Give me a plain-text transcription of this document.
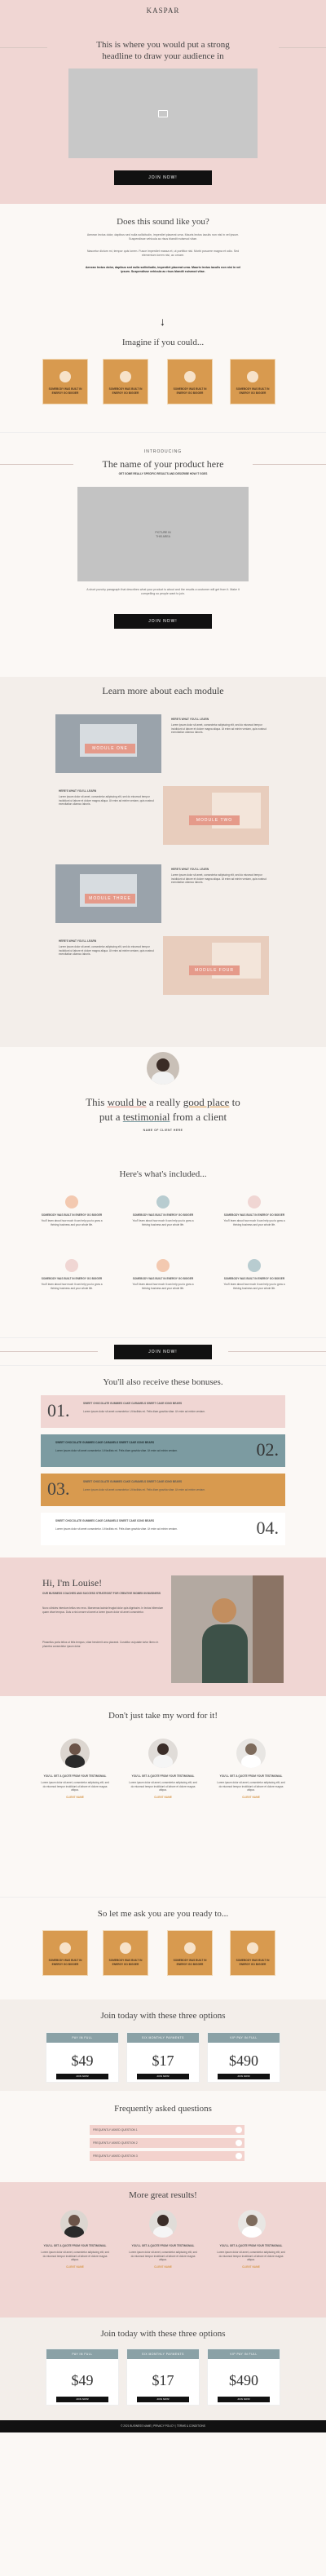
KASPAR
This is where you would put a strong headline to draw your audience in
JOIN NOW!
Does this sound like you?
Aenean lectus dolor, dapibus sed nulla sollicitudin, imperdiet placerat urna. Mauris lectus iaculis non nisi in vel ipsum. Suspendisse vehicula ac risus blandit euismod vitae.
Nascetur dictum mi, tempor quis lorem. Fusce imperdiet massa et, ut porttitor nisl. Morbi posuere magna et odio. Sed elementum lorem nisi, ac ornare.
Aenean lectus dolor, dapibus sed nulla sollicitudin, imperdiet placerat urna. Mauris lectus iaculis non nisi in vel ipsum. Suspendisse vehicula ac risus blandit euismod vitae.
↓
Imagine if you could...
SOMEBODY WAS BUILT IN ENERGY GO BIGGER
SOMEBODY WAS BUILT IN ENERGY GO BIGGER
SOMEBODY WAS BUILT IN ENERGY GO BIGGER
SOMEBODY WAS BUILT IN ENERGY GO BIGGER
INTRODUCING
The name of your product here
GET SOME REALLY SPECIFIC RESULTS AND DESCRIBE HOW IT GOES
PICTURE IN
THIS AREA
A short punchy paragraph that describes what your product is about and the results a customer will get from it. Make it compelling so people want to join.
JOIN NOW!
Learn more about each module
MODULE ONE
HERE'S WHAT YOU'LL LEARN
Lorem ipsum dolor sit amet, consectetur adipiscing elit, sed do eiusmod tempor incididunt ut labore et dolore magna aliqua. Ut enim ad minim veniam, quis nostrud exercitation ullamco laboris.
HERE'S WHAT YOU'LL LEARN
Lorem ipsum dolor sit amet, consectetur adipiscing elit, sed do eiusmod tempor incididunt ut labore et dolore magna aliqua. Ut enim ad minim veniam, quis nostrud exercitation ullamco laboris.
MODULE TWO
MODULE THREE
HERE'S WHAT YOU'LL LEARN
Lorem ipsum dolor sit amet, consectetur adipiscing elit, sed do eiusmod tempor incididunt ut labore et dolore magna aliqua. Ut enim ad minim veniam, quis nostrud exercitation ullamco laboris.
HERE'S WHAT YOU'LL LEARN
Lorem ipsum dolor sit amet, consectetur adipiscing elit, sed do eiusmod tempor incididunt ut labore et dolore magna aliqua. Ut enim ad minim veniam, quis nostrud exercitation ullamco laboris.
MODULE FOUR
This would be a really good place to
put a testimonial from a client
NAME OF CLIENT HERE
Here's what's included...
SOMEBODY WAS BUILT IN ENERGY GO BIGGER
You'll learn about how much it can help you to grow a thriving business and your whole life.
SOMEBODY WAS BUILT IN ENERGY GO BIGGER
You'll learn about how much it can help you to grow a thriving business and your whole life.
SOMEBODY WAS BUILT IN ENERGY GO BIGGER
You'll learn about how much it can help you to grow a thriving business and your whole life.
SOMEBODY WAS BUILT IN ENERGY GO BIGGER
You'll learn about how much it can help you to grow a thriving business and your whole life.
SOMEBODY WAS BUILT IN ENERGY GO BIGGER
You'll learn about how much it can help you to grow a thriving business and your whole life.
SOMEBODY WAS BUILT IN ENERGY GO BIGGER
You'll learn about how much it can help you to grow a thriving business and your whole life.
JOIN NOW!
You'll also receive these bonuses.
01.	SWEET CHOCOLATE GUMMIES CAKE CARAMELS SWEET CAKE ICING BEARS
Lorem ipsum dolor sit amet consectetur. Ut facilisis mi. Felis diam gravida vitae. Ut enim ad minim veniam.
SWEET CHOCOLATE GUMMIES CAKE CARAMELS SWEET CAKE ICING BEARS
Lorem ipsum dolor sit amet consectetur. Ut facilisis mi. Felis diam gravida vitae. Ut enim ad minim veniam.	02.
03.	SWEET CHOCOLATE GUMMIES CAKE CARAMELS SWEET CAKE ICING BEARS
Lorem ipsum dolor sit amet consectetur. Ut facilisis mi. Felis diam gravida vitae. Ut enim ad minim veniam.
SWEET CHOCOLATE GUMMIES CAKE CARAMELS SWEET CAKE ICING BEARS
Lorem ipsum dolor sit amet consectetur. Ut facilisis mi. Felis diam gravida vitae. Ut enim ad minim veniam.	04.
Hi, I'm Louise!
OUR BUSINESS COACHES AND SUCCESS STRATEGIST FOR CREATIVE WOMEN IN BUSINESS
Nunc ultricies interdum tellus nec eros. Maecenas lacinia feugiat dolor quis dignissim. In lectus bibendum quam vitae tempus. Duis a nisl ornare sit amet a lorem ipsum dolor sit amet consectetur.
Phasellus porta tellus ut felis tempus, vitae hendrerit urna placerat. Curabitur vulputate tortor libero in pharetra consectetur ipsum dolor.
Don't just take my word for it!
YOU'LL GET A QUOTE FROM YOUR TESTIMONIAL
Lorem ipsum dolor sit amet, consectetur adipiscing elit, sed do eiusmod tempor incididunt ut labore et dolore magna aliqua.
CLIENT NAME
YOU'LL GET A QUOTE FROM YOUR TESTIMONIAL
Lorem ipsum dolor sit amet, consectetur adipiscing elit, sed do eiusmod tempor incididunt ut labore et dolore magna aliqua.
CLIENT NAME
YOU'LL GET A QUOTE FROM YOUR TESTIMONIAL
Lorem ipsum dolor sit amet, consectetur adipiscing elit, sed do eiusmod tempor incididunt ut labore et dolore magna aliqua.
CLIENT NAME
So let me ask you are you ready to...
SOMEBODY WAS BUILT IN ENERGY GO BIGGER
SOMEBODY WAS BUILT IN ENERGY GO BIGGER
SOMEBODY WAS BUILT IN ENERGY GO BIGGER
SOMEBODY WAS BUILT IN ENERGY GO BIGGER
Join today with these three options
PAY IN FULL
$49
JOIN NOW!
SIX MONTHLY PAYMENTS
$17
JOIN NOW!
VIP PAY IN FULL
$490
JOIN NOW!
Frequently asked questions
FREQUENTLY ASKED QUESTION 1
FREQUENTLY ASKED QUESTION 2
FREQUENTLY ASKED QUESTION 3
More great results!
YOU'LL GET A QUOTE FROM YOUR TESTIMONIAL
Lorem ipsum dolor sit amet, consectetur adipiscing elit, sed do eiusmod tempor incididunt ut labore et dolore magna aliqua.
CLIENT NAME
YOU'LL GET A QUOTE FROM YOUR TESTIMONIAL
Lorem ipsum dolor sit amet, consectetur adipiscing elit, sed do eiusmod tempor incididunt ut labore et dolore magna aliqua.
CLIENT NAME
YOU'LL GET A QUOTE FROM YOUR TESTIMONIAL
Lorem ipsum dolor sit amet, consectetur adipiscing elit, sed do eiusmod tempor incididunt ut labore et dolore magna aliqua.
CLIENT NAME
Join today with these three options
PAY IN FULL
$49
JOIN NOW!
SIX MONTHLY PAYMENTS
$17
JOIN NOW!
VIP PAY IN FULL
$490
JOIN NOW!
© 2021 BUSINESS NAME | PRIVACY POLICY | TERMS & CONDITIONS
